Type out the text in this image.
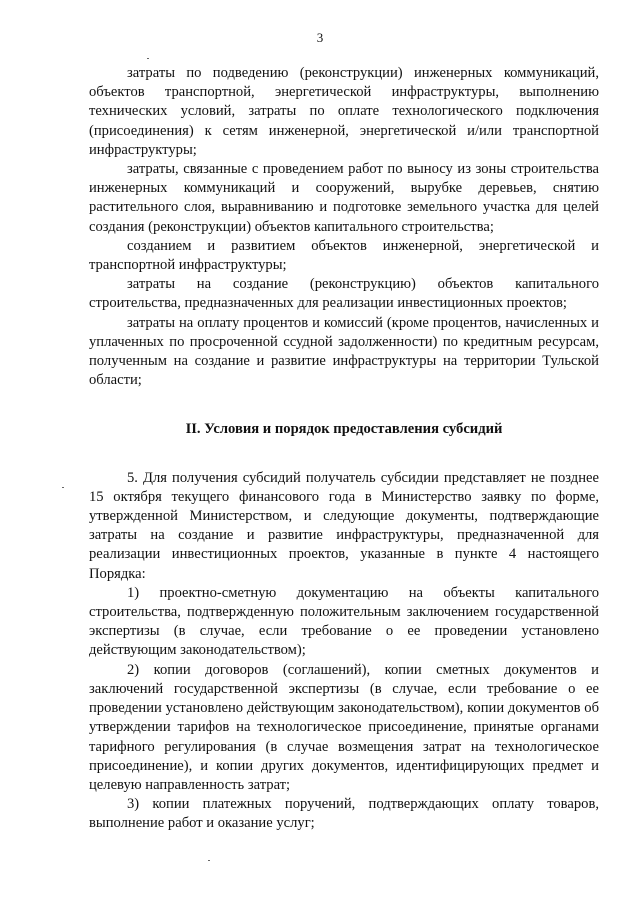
3

затраты по подведению (реконструкции) инженерных коммуникаций, объектов транспортной, энергетической инфраструктуры, выполнению технических условий, затраты по оплате технологического подключения (присоединения) к сетям инженерной, энергетической и/или транспортной инфраструктуры;

затраты, связанные с проведением работ по выносу из зоны строительства инженерных коммуникаций и сооружений, вырубке деревьев, снятию растительного слоя, выравниванию и подготовке земельного участка для целей создания (реконструкции) объектов капитального строительства;

созданием и развитием объектов инженерной, энергетической и транспортной инфраструктуры;

затраты на создание (реконструкцию) объектов капитального строительства, предназначенных для реализации инвестиционных проектов;

затраты на оплату процентов и комиссий (кроме процентов, начисленных и уплаченных по просроченной ссудной задолженности) по кредитным ресурсам, полученным на создание и развитие инфраструктуры на территории Тульской области;

II. Условия и порядок предоставления субсидий

5. Для получения субсидий получатель субсидии представляет не позднее 15 октября текущего финансового года в Министерство заявку по форме, утвержденной Министерством, и следующие документы, подтверждающие затраты на создание и развитие инфраструктуры, предназначенной для реализации инвестиционных проектов, указанные в пункте 4 настоящего Порядка:

1) проектно-сметную документацию на объекты капитального строительства, подтвержденную положительным заключением государственной экспертизы (в случае, если требование о ее проведении установлено действующим законодательством);

2) копии договоров (соглашений), копии сметных документов и заключений государственной экспертизы (в случае, если требование о ее проведении установлено действующим законодательством), копии документов об утверждении тарифов на технологическое присоединение, принятые органами тарифного регулирования (в случае возмещения затрат на технологическое присоединение), и копии других документов, идентифицирующих предмет и целевую направленность затрат;

3) копии платежных поручений, подтверждающих оплату товаров, выполнение работ и оказание услуг;
